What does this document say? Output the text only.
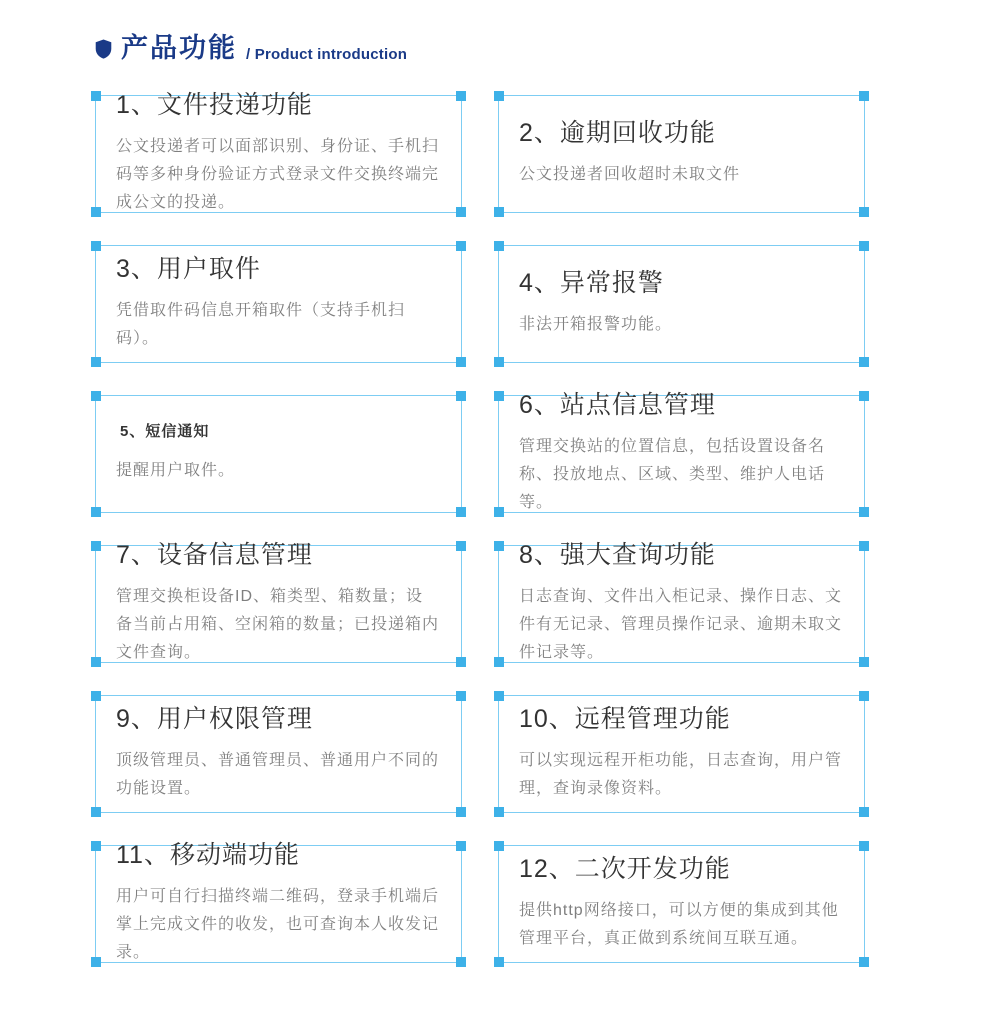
产品功能 / Product introduction
1、文件投递功能
公文投递者可以面部识别、身份证、手机扫码等多种身份验证方式登录文件交换终端完成公文的投递。
2、逾期回收功能
公文投递者回收超时未取文件
3、用户取件
凭借取件码信息开箱取件（支持手机扫码）。
4、异常报警
非法开箱报警功能。
5、短信通知
提醒用户取件。
6、站点信息管理
管理交换站的位置信息，包括设置设备名称、投放地点、区域、类型、维护人电话等。
7、设备信息管理
管理交换柜设备ID、箱类型、箱数量；设备当前占用箱、空闲箱的数量；已投递箱内文件查询。
8、强大查询功能
日志查询、文件出入柜记录、操作日志、文件有无记录、管理员操作记录、逾期未取文件记录等。
9、用户权限管理
顶级管理员、普通管理员、普通用户不同的功能设置。
10、远程管理功能
可以实现远程开柜功能，日志查询，用户管理，查询录像资料。
11、移动端功能
用户可自行扫描终端二维码，登录手机端后掌上完成文件的收发，也可查询本人收发记录。
12、二次开发功能
提供http网络接口，可以方便的集成到其他管理平台，真正做到系统间互联互通。
